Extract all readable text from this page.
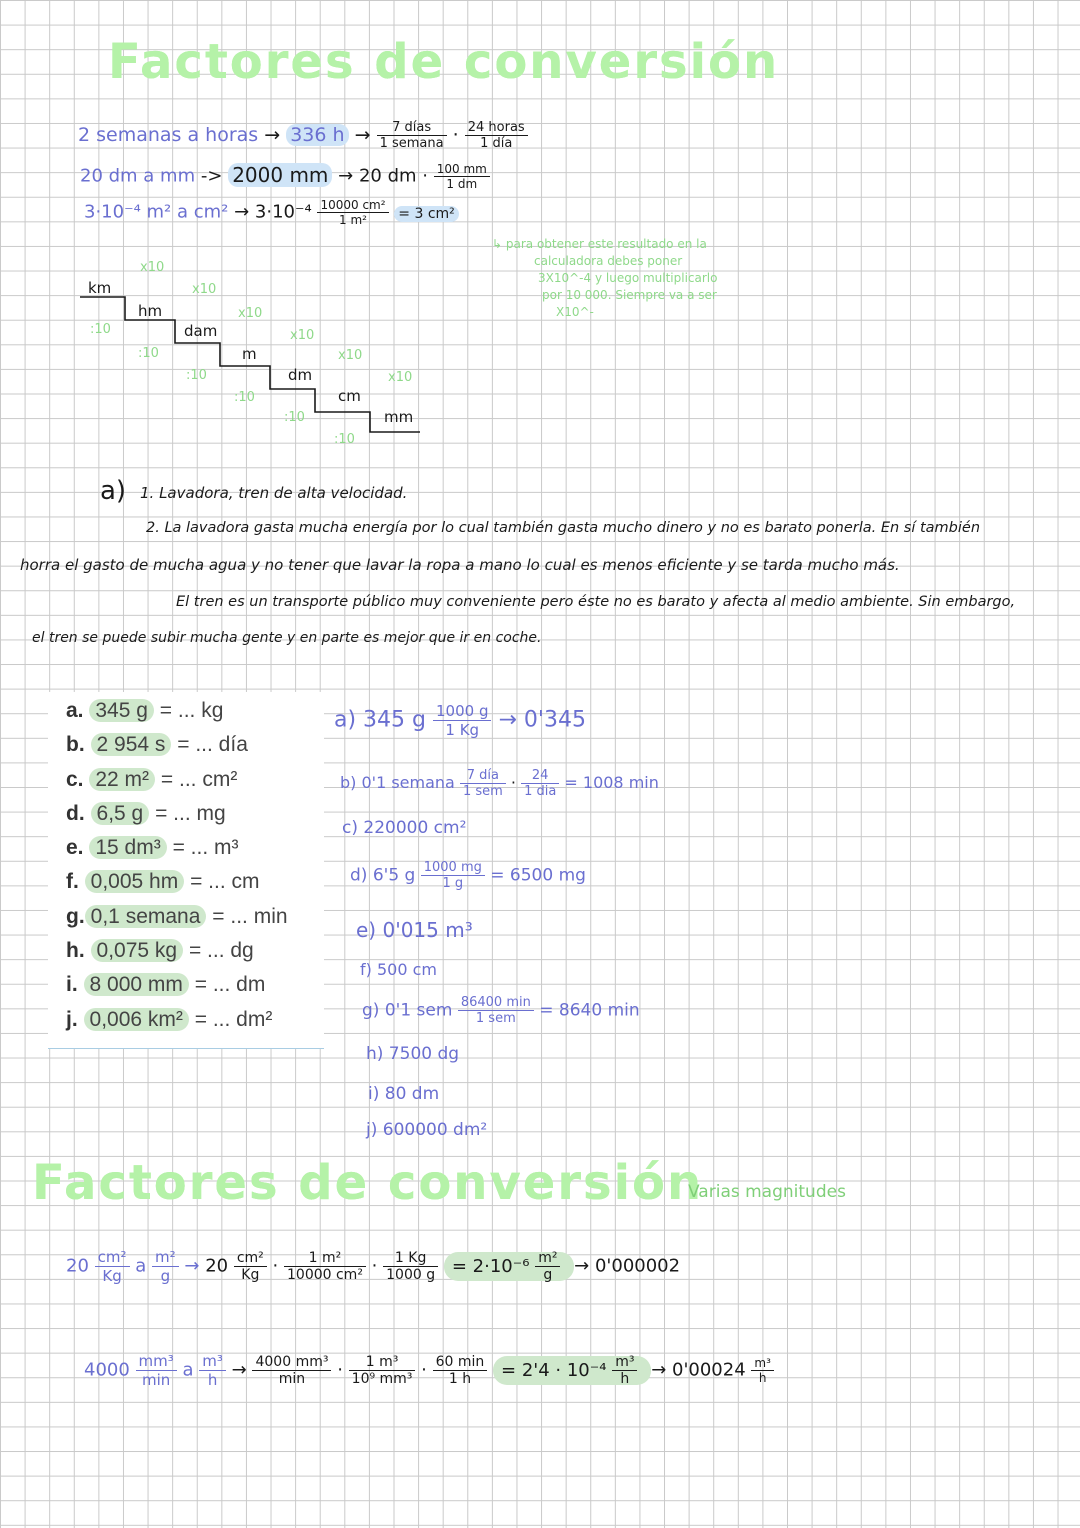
Factores de conversión
2 semanas a horas → 336 $h \to \frac{\text{7 días}}{\text{1 semana}} \cdot \frac{\text{24 horas}}{\text{1 día}}$
20 dm a mm -> 2000 mm → 20 dm · $\frac{100 mm}{1 dm}$
3·10⁻⁴ m² a $cm^2 \to 3\cdot 10^{-4} \frac{\text{10000 cm²}}{\text{1 m²}} = 3$ cm²
↳ para obtener este resultado en la
calculadora debes poner
3X10^-4 y luego multiplicarlo
por 10 000. Siempre va a ser
X10^-
km
hm
dam
m
dm
cm
mm
x10
x10
x10
x10
x10
x10
:10
:10
:10
:10
:10
:10
a) 1. Lavadora, tren de alta velocidad.
2. La lavadora gasta mucha energía por lo cual también gasta mucho dinero y no es barato ponerla. En sí también
horra el gasto de mucha agua y no tener que lavar la ropa a mano lo cual es menos eficiente y se tarda mucho más.
El tren es un transporte público muy conveniente pero éste no es barato y afecta al medio ambiente. Sin embargo,
el tren se puede subir mucha gente y en parte es mejor que ir en coche.
a. 345 g = ... kg
b. 2 954 s = ... día
c. 22 m² = ... cm²
d. 6,5 g = ... mg
e. 15 dm³ = ... m³
f. 0,005 hm = ... cm
g. 0,1 semana = ... min
h. 0,075 kg = ... dg
i. 8 000 mm = ... dm
j. 0,006 km² = ... dm²
a) 345 g $\frac{1000 g}{1 Kg} \to 0'345$
b) 0'1 semana $\frac{\text{7 día}}{\text{1 sem}} \cdot \frac{24}{\text{1 dia}} = 1008$ min
c) 220000 cm²
d) 6'5 g $\frac{1000 mg}{1 g} = 6500$ mg
e) 0'015 m³
f) 500 cm
g) 0'1 sem $\frac{86400 \min}{\text{1 sem}} = 8640$ min
h) 7500 dg
i) 80 dm
j) 600000 dm²
Factores de conversión
Varias magnitudes
$20 \frac{\text{cm²}}{Kg}$ a $\frac{\text{m²}}{g} \to 20 \frac{\text{cm²}}{Kg} \cdot \frac{\text{1 m²}}{\text{10000 cm²}} \cdot \frac{1 Kg}{1000 g} = 2\cdot 10^{-6} \frac{\text{m²}}{g} \to 0'000002$
$4000 \frac{\text{mm³}}{\min}$ a $\frac{\text{m³}}{h} \to \frac{\text{4000 mm³}}{\min} \cdot \frac{\text{1 m³}}{\text{10⁹ mm³}} \cdot \frac{60 \min}{1 h} = 2'4 \cdot 10^{-4} \frac{\text{m³}}{h} \to 0'00024 \frac{\text{m³}}{h}$
